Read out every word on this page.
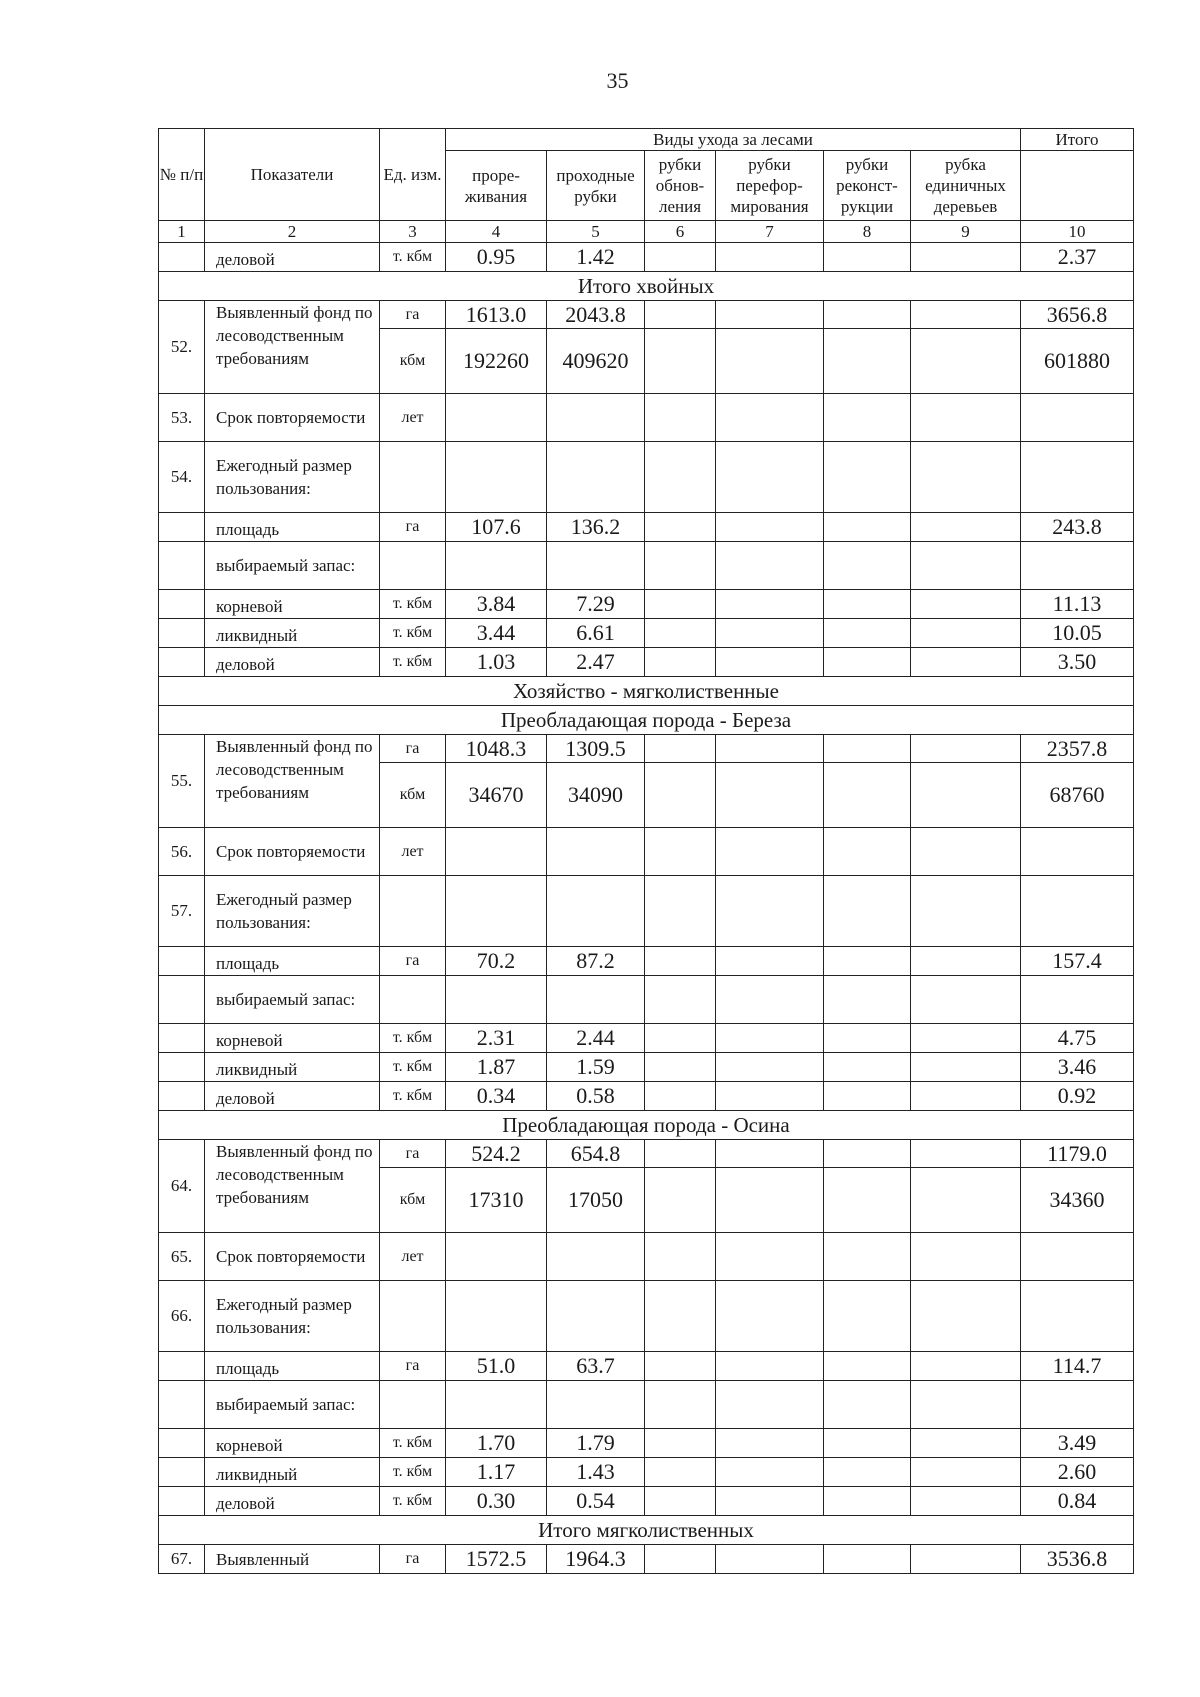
35
№ п/п	Показатели	Ед. изм.	Виды ухода за лесами						Итого
			проре- живания	проходные рубки	рубки обнов- ления	рубки перефор- мирования	рубки реконст- рукции	рубка единичных деревьев	
1	2	3	4	5	6	7	8	9	10
	деловой	т. кбм	0.95	1.42					2.37
Итого хвойных									
52.	Выявленный фонд по лесоводственным требованиям	га	1613.0	2043.8					3656.8
		кбм	192260	409620					601880
53.	Срок повторяемости	лет							
54.	Ежегодный размер пользования:								
	площадь	га	107.6	136.2					243.8
	выбираемый запас:								
	корневой	т. кбм	3.84	7.29					11.13
	ликвидный	т. кбм	3.44	6.61					10.05
	деловой	т. кбм	1.03	2.47					3.50
Хозяйство - мягколиственные									
Преобладающая порода - Береза									
55.	Выявленный фонд по лесоводственным требованиям	га	1048.3	1309.5					2357.8
		кбм	34670	34090					68760
56.	Срок повторяемости	лет							
57.	Ежегодный размер пользования:								
	площадь	га	70.2	87.2					157.4
	выбираемый запас:								
	корневой	т. кбм	2.31	2.44					4.75
	ликвидный	т. кбм	1.87	1.59					3.46
	деловой	т. кбм	0.34	0.58					0.92
Преобладающая порода - Осина									
64.	Выявленный фонд по лесоводственным требованиям	га	524.2	654.8					1179.0
		кбм	17310	17050					34360
65.	Срок повторяемости	лет							
66.	Ежегодный размер пользования:								
	площадь	га	51.0	63.7					114.7
	выбираемый запас:								
	корневой	т. кбм	1.70	1.79					3.49
	ликвидный	т. кбм	1.17	1.43					2.60
	деловой	т. кбм	0.30	0.54					0.84
Итого мягколиственных									
67.	Выявленный	га	1572.5	1964.3					3536.8
